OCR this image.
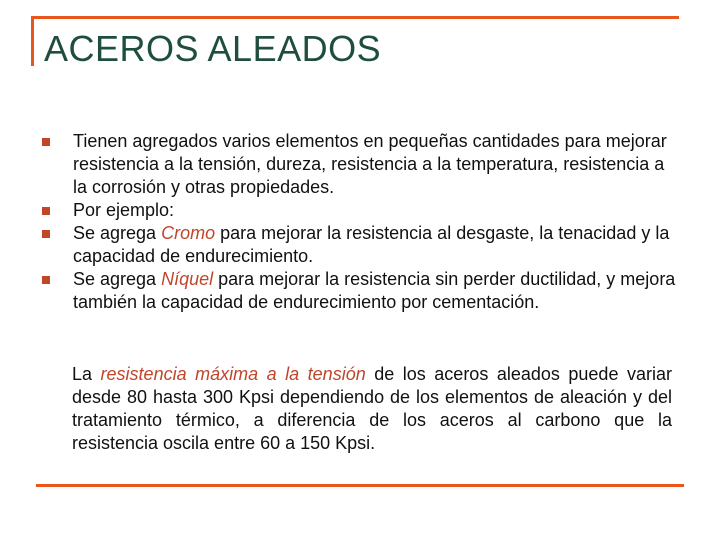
ACEROS ALEADOS
Tienen agregados varios elementos en pequeñas cantidades para mejorar resistencia a la tensión, dureza, resistencia a la temperatura, resistencia a la corrosión y otras propiedades.
Por ejemplo:
Se agrega Cromo para mejorar la resistencia al desgaste, la tenacidad y la capacidad de endurecimiento.
Se agrega Níquel para mejorar la resistencia sin perder ductilidad, y mejora también la capacidad de endurecimiento por cementación.

La resistencia máxima a la tensión de los aceros aleados puede variar desde 80 hasta 300 Kpsi dependiendo de los elementos de aleación y del tratamiento térmico, a diferencia de los aceros al carbono que la resistencia oscila entre 60 a 150 Kpsi.
